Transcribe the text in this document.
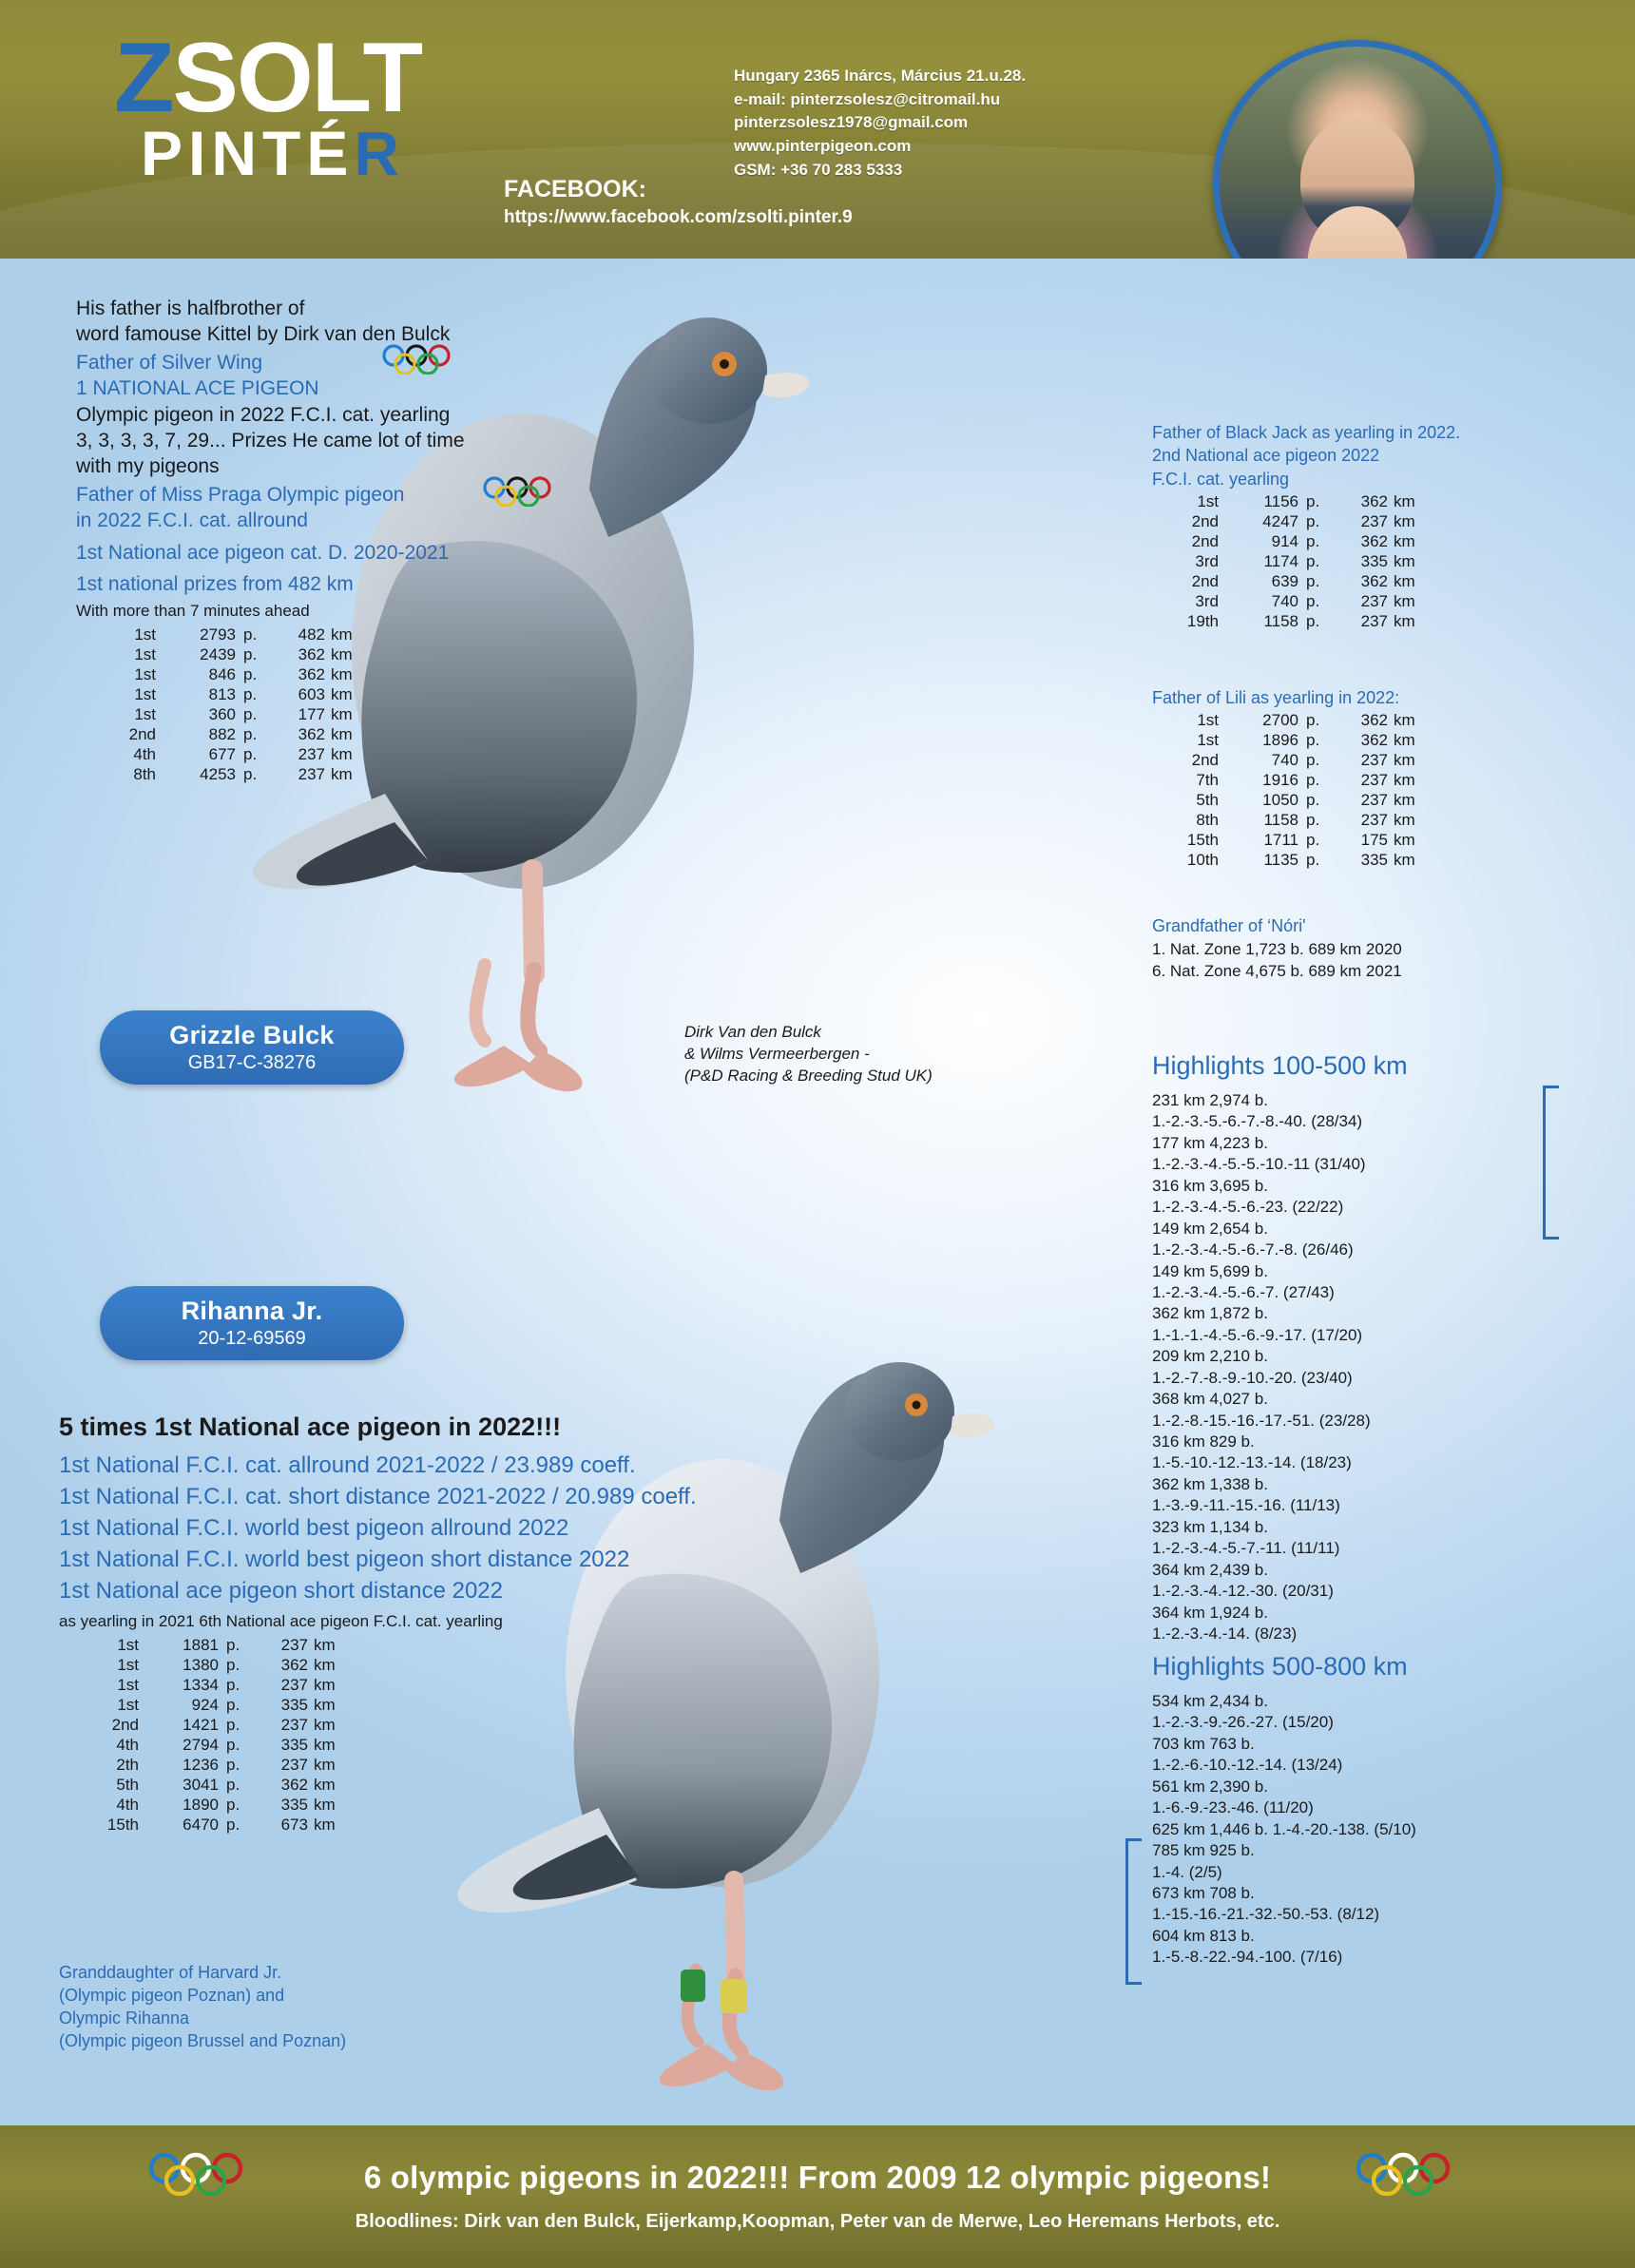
ZSOLT
PINTÉR
Hungary 2365 Inárcs, Március 21.u.28.
e-mail: pinterzsolesz@citromail.hu
pinterzsolesz1978@gmail.com
www.pinterpigeon.com
GSM: +36 70 283 5333
FACEBOOK:
https://www.facebook.com/zsolti.pinter.9
His father is halfbrother of
word famouse Kittel by Dirk van den Bulck
Father of Silver Wing
1 NATIONAL ACE PIGEON
Olympic pigeon in 2022 F.C.I. cat. yearling
3, 3, 3, 3, 7, 29... Prizes He came lot of time
with my pigeons
Father of Miss Praga Olympic pigeon
in 2022 F.C.I. cat. allround
1st National ace pigeon cat. D. 2020-2021
1st national prizes from 482 km
With more than 7 minutes ahead
1st	2793	p.	482	km
1st	2439	p.	362	km
1st	846	p.	362	km
1st	813	p.	603	km
1st	360	p.	177	km
2nd	882	p.	362	km
4th	677	p.	237	km
8th	4253	p.	237	km
Grizzle Bulck
GB17-C-38276
Dirk Van den Bulck
& Wilms Vermeerbergen -
(P&D Racing & Breeding Stud UK)
Rihanna Jr.
20-12-69569
5 times 1st National ace pigeon in 2022!!!
1st National F.C.I. cat. allround 2021-2022 / 23.989 coeff.
1st National F.C.I. cat. short distance 2021-2022 / 20.989 coeff.
1st National F.C.I. world best pigeon allround 2022
1st National F.C.I. world best pigeon short distance 2022
1st National ace pigeon short distance 2022
as yearling in 2021 6th National ace pigeon F.C.I. cat. yearling
1st	1881	p.	237	km
1st	1380	p.	362	km
1st	1334	p.	237	km
1st	924	p.	335	km
2nd	1421	p.	237	km
4th	2794	p.	335	km
2th	1236	p.	237	km
5th	3041	p.	362	km
4th	1890	p.	335	km
15th	6470	p.	673	km
Granddaughter of Harvard Jr.
(Olympic pigeon Poznan) and
Olympic Rihanna
(Olympic pigeon Brussel and Poznan)
Father of Black Jack as yearling in 2022.
2nd National ace pigeon 2022
F.C.I. cat. yearling
1st	1156	p.	362	km
2nd	4247	p.	237	km
2nd	914	p.	362	km
3rd	1174	p.	335	km
2nd	639	p.	362	km
3rd	740	p.	237	km
19th	1158	p.	237	km
Father of Lili as yearling in 2022:
1st	2700	p.	362	km
1st	1896	p.	362	km
2nd	740	p.	237	km
7th	1916	p.	237	km
5th	1050	p.	237	km
8th	1158	p.	237	km
15th	1711	p.	175	km
10th	1135	p.	335	km
Grandfather of ‘Nóri'
1. Nat. Zone 1,723 b. 689 km 2020
6. Nat. Zone 4,675 b. 689 km 2021
Highlights 100-500 km
231 km 2,974 b.
1.-2.-3.-5.-6.-7.-8.-40. (28/34)
177 km 4,223 b.
1.-2.-3.-4.-5.-5.-10.-11 (31/40)
316 km 3,695 b.
1.-2.-3.-4.-5.-6.-23. (22/22)
149 km 2,654 b.
1.-2.-3.-4.-5.-6.-7.-8. (26/46)
149 km 5,699 b.
1.-2.-3.-4.-5.-6.-7. (27/43)
362 km 1,872 b.
1.-1.-1.-4.-5.-6.-9.-17. (17/20)
209 km 2,210 b.
1.-2.-7.-8.-9.-10.-20. (23/40)
368 km 4,027 b.
1.-2.-8.-15.-16.-17.-51. (23/28)
316 km 829 b.
1.-5.-10.-12.-13.-14. (18/23)
362 km 1,338 b.
1.-3.-9.-11.-15.-16. (11/13)
323 km 1,134 b.
1.-2.-3.-4.-5.-7.-11. (11/11)
364 km 2,439 b.
1.-2.-3.-4.-12.-30. (20/31)
364 km 1,924 b.
1.-2.-3.-4.-14. (8/23)
Highlights 500-800 km
534 km 2,434 b.
1.-2.-3.-9.-26.-27. (15/20)
703 km 763 b.
1.-2.-6.-10.-12.-14. (13/24)
561 km 2,390 b.
1.-6.-9.-23.-46. (11/20)
625 km 1,446 b. 1.-4.-20.-138. (5/10)
785 km 925 b.
1.-4. (2/5)
673 km 708 b.
1.-15.-16.-21.-32.-50.-53. (8/12)
604 km 813 b.
1.-5.-8.-22.-94.-100. (7/16)
6 olympic pigeons in 2022!!! From 2009 12 olympic pigeons!
Bloodlines: Dirk van den Bulck, Eijerkamp,Koopman, Peter van de Merwe, Leo Heremans Herbots, etc.
